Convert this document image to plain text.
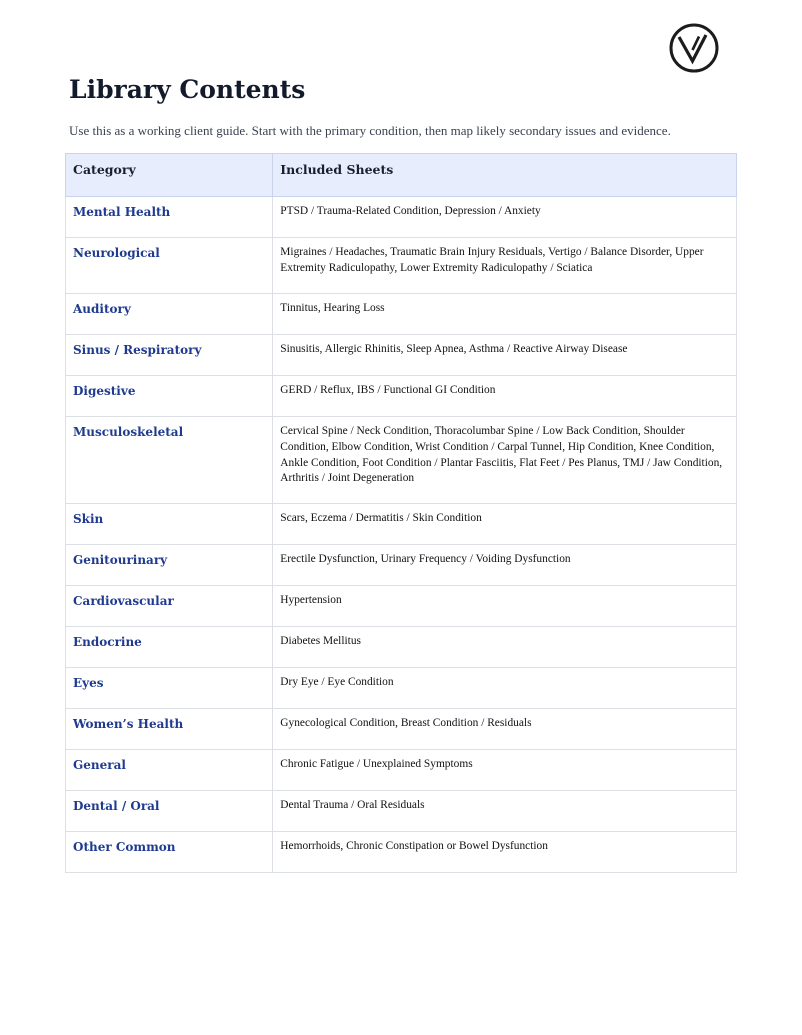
Library Contents

Use this as a working client guide. Start with the primary condition, then map likely secondary issues and evidence.

Category	Included Sheets

Mental Health	PTSD / Trauma-Related Condition, Depression / Anxiety

Neurological	Migraines / Headaches, Traumatic Brain Injury Residuals, Vertigo / Balance Disorder, Upper Extremity Radiculopathy, Lower Extremity Radiculopathy / Sciatica

Auditory	Tinnitus, Hearing Loss

Sinus / Respiratory	Sinusitis, Allergic Rhinitis, Sleep Apnea, Asthma / Reactive Airway Disease

Digestive	GERD / Reflux, IBS / Functional GI Condition

Musculoskeletal	Cervical Spine / Neck Condition, Thoracolumbar Spine / Low Back Condition, Shoulder Condition, Elbow Condition, Wrist Condition / Carpal Tunnel, Hip Condition, Knee Condition, Ankle Condition, Foot Condition / Plantar Fasciitis, Flat Feet / Pes Planus, TMJ / Jaw Condition, Arthritis / Joint Degeneration

Skin	Scars, Eczema / Dermatitis / Skin Condition

Genitourinary	Erectile Dysfunction, Urinary Frequency / Voiding Dysfunction

Cardiovascular	Hypertension

Endocrine	Diabetes Mellitus

Eyes	Dry Eye / Eye Condition

Women’s Health	Gynecological Condition, Breast Condition / Residuals

General	Chronic Fatigue / Unexplained Symptoms

Dental / Oral	Dental Trauma / Oral Residuals

Other Common	Hemorrhoids, Chronic Constipation or Bowel Dysfunction
